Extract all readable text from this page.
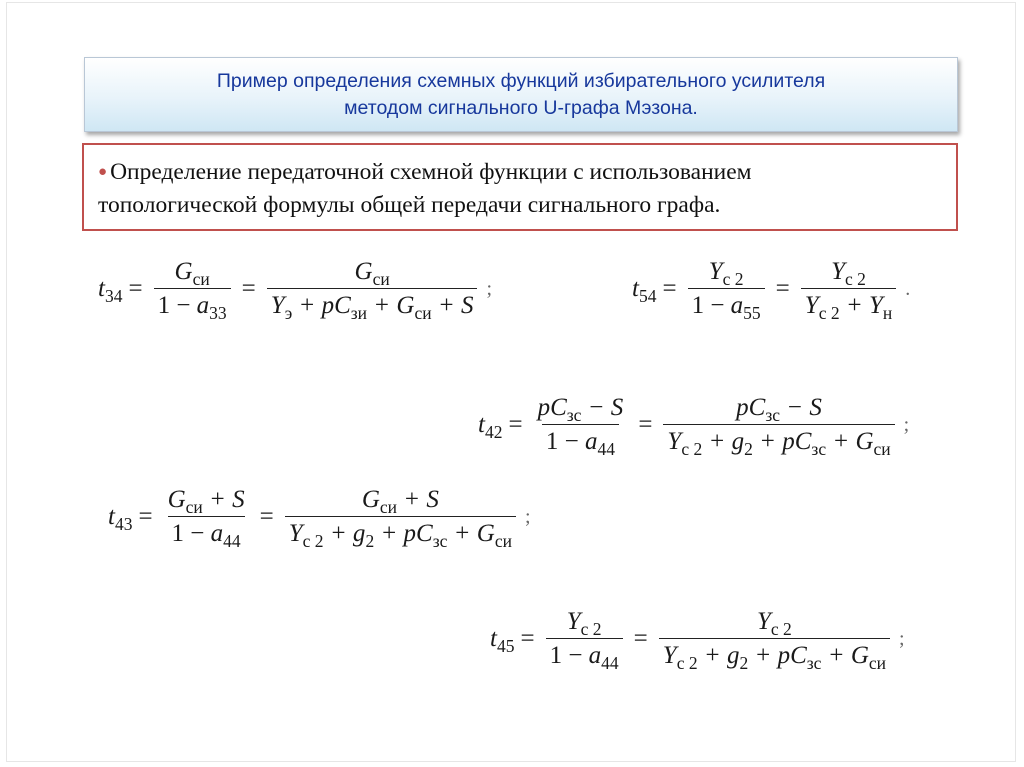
Пример определения схемных функций избирательного усилителя
методом сигнального U-графа Мэзона.
● Определение передаточной схемной функции с использованием
топологической формулы общей передачи сигнального графа.
$t_{34} = \frac{G_{си}}{1 - a_{33}} = \frac{G_{си}}{Y_э + pC_{зи} + G_{си} + S}$ ;	$t_{54} = \frac{Y_{c 2}}{1 - a_{55}} = \frac{Y_{c 2}}{Y_{c 2} + Y_н}$ .
$t_{42} = \frac{pC_{зс} - S}{1 - a_{44}} = \frac{pC_{зс} - S}{Y_{c 2} + g_2 + pC_{зс} + G_{си}}$ ;
$t_{43} = \frac{G_{си} + S}{1 - a_{44}} = \frac{G_{си} + S}{Y_{c 2} + g_2 + pC_{зс} + G_{си}}$ ;
$t_{45} = \frac{Y_{c 2}}{1 - a_{44}} = \frac{Y_{c 2}}{Y_{c 2} + g_2 + pC_{зс} + G_{си}}$ ;
